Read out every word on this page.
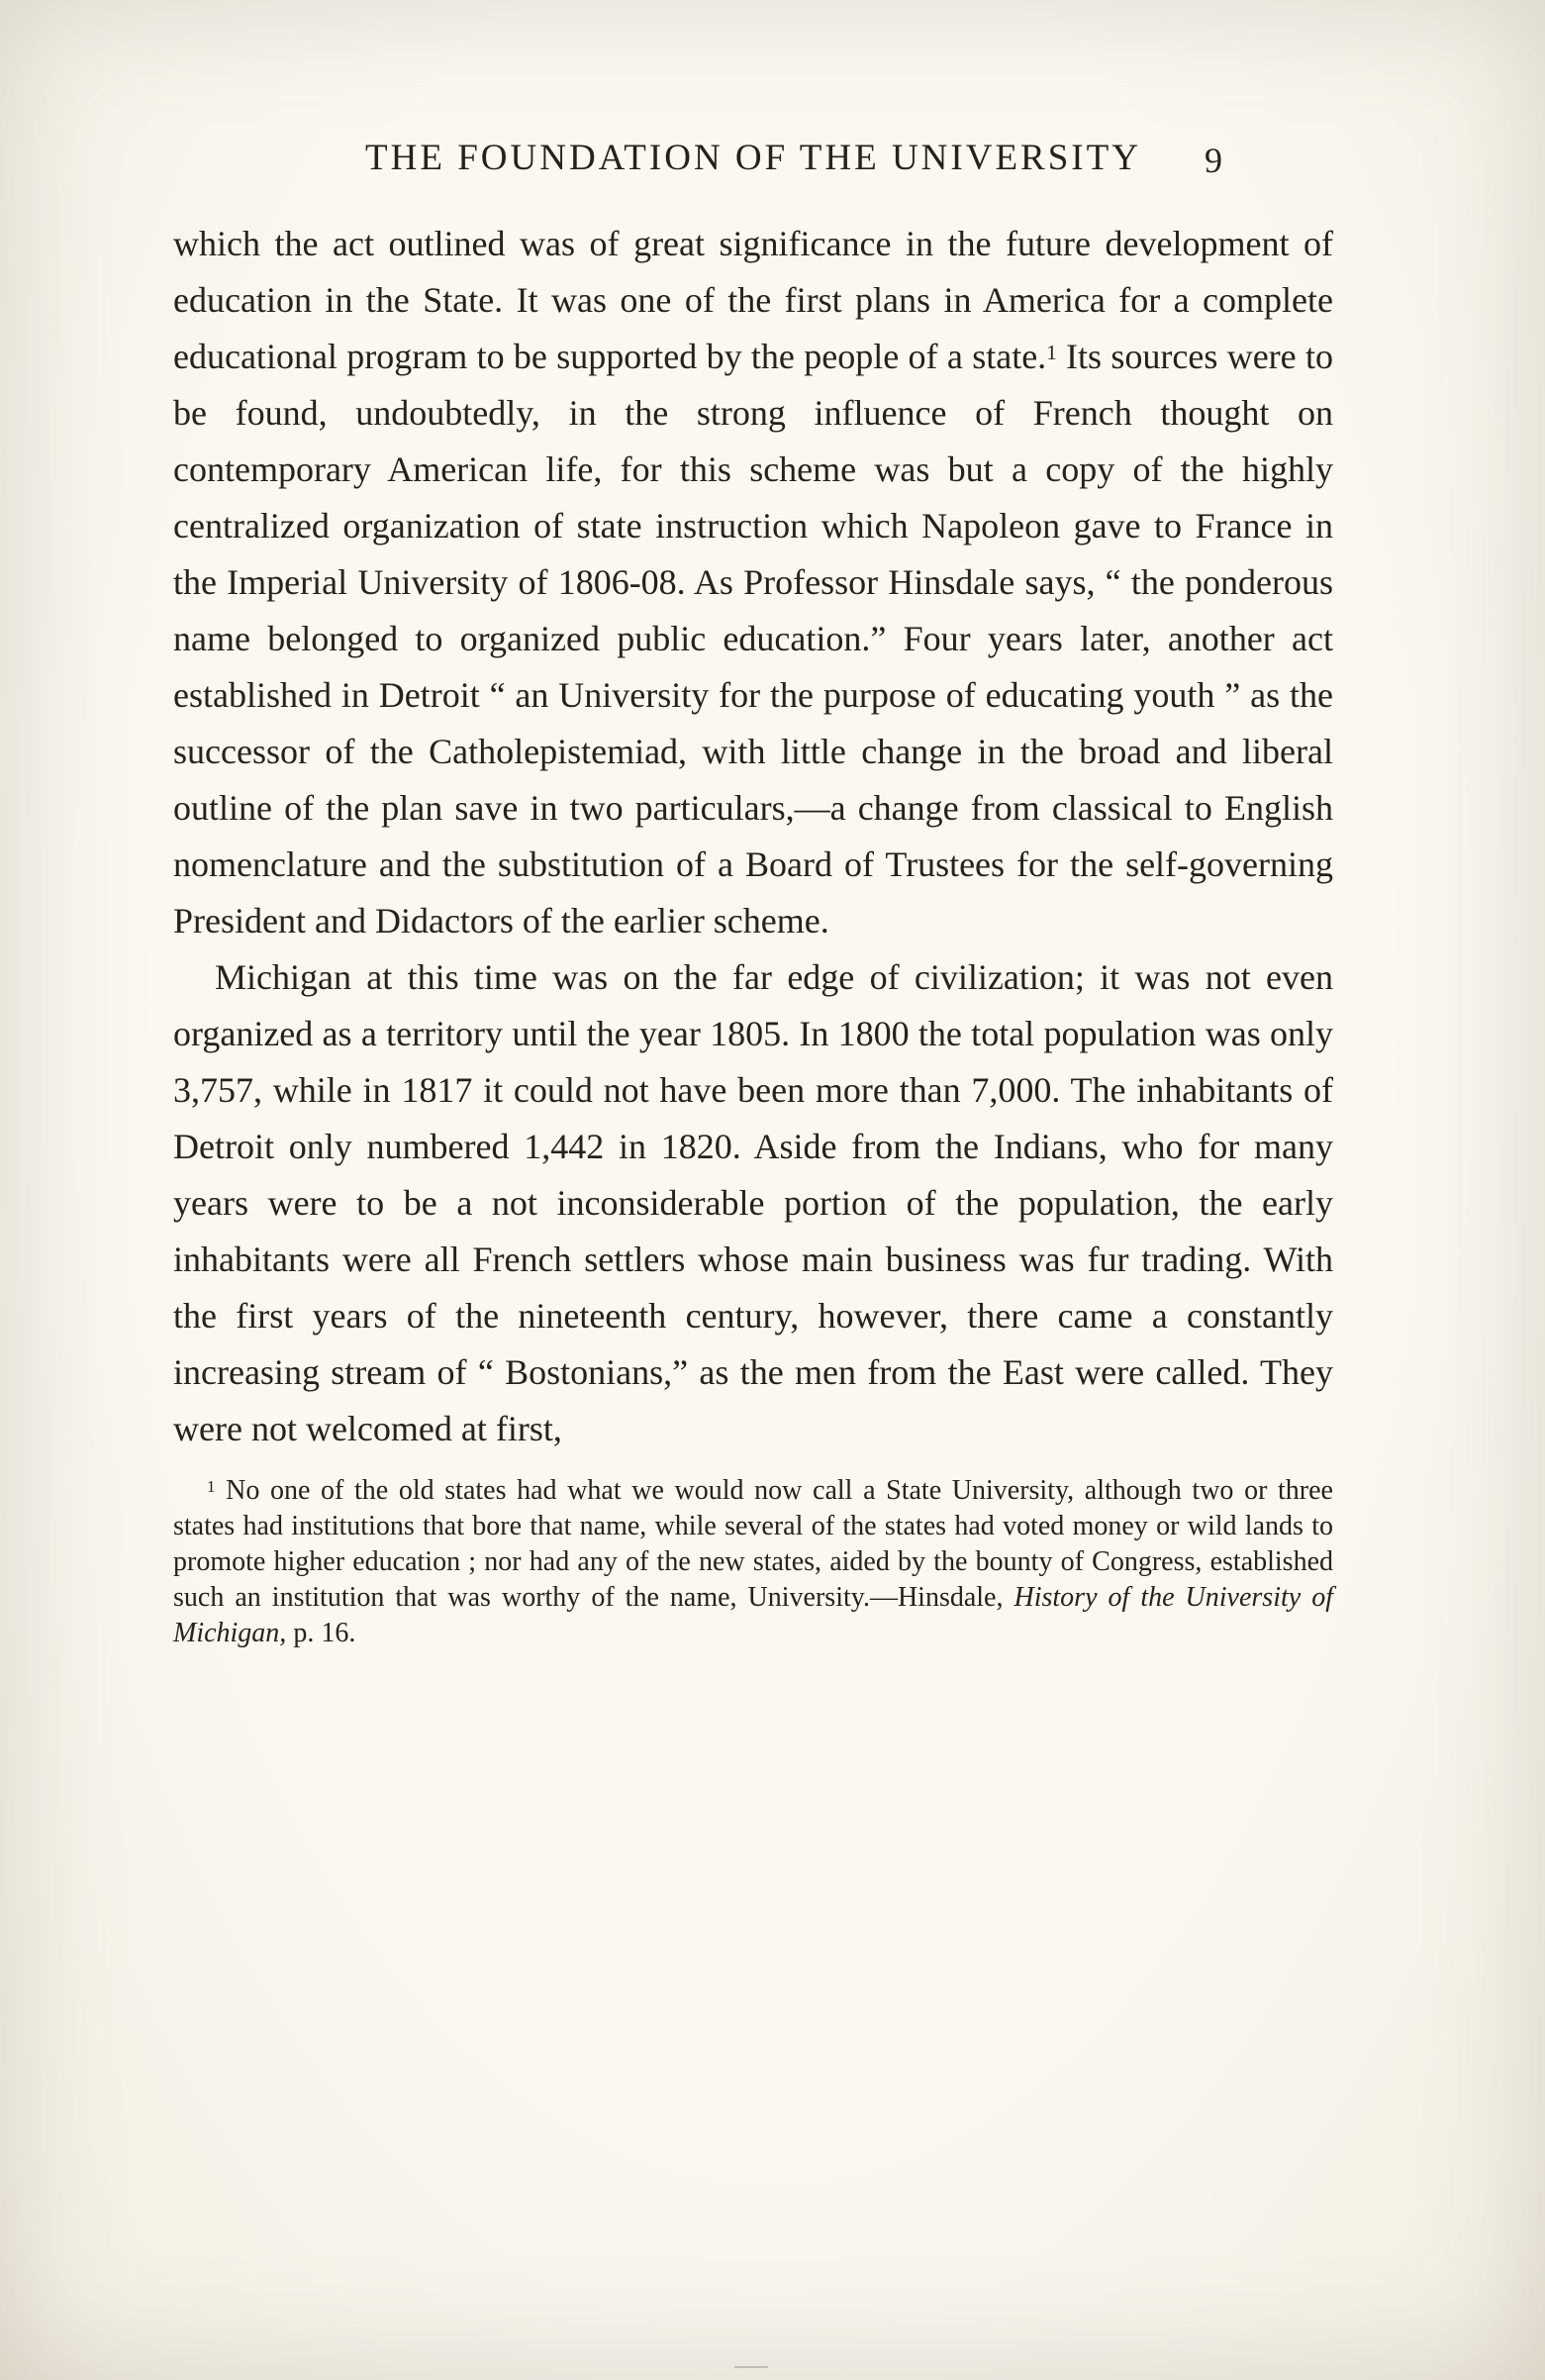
THE FOUNDATION OF THE UNIVERSITY 9

which the act outlined was of great significance in the future development of education in the State. It was one of the first plans in America for a complete educational program to be supported by the people of a state.$^1$ Its sources were to be found, undoubtedly, in the strong influence of French thought on contemporary American life, for this scheme was but a copy of the highly centralized organization of state instruction which Napoleon gave to France in the Imperial University of 1806-08. As Professor Hinsdale says, “ the ponderous name belonged to organized public education.” Four years later, another act established in Detroit “ an University for the purpose of educating youth ” as the successor of the Catholepistemiad, with little change in the broad and liberal outline of the plan save in two particulars,—a change from classical to English nomenclature and the substitution of a Board of Trustees for the self-governing President and Didactors of the earlier scheme.

Michigan at this time was on the far edge of civilization; it was not even organized as a territory until the year 1805. In 1800 the total population was only 3,757, while in 1817 it could not have been more than 7,000. The inhabitants of Detroit only numbered 1,442 in 1820. Aside from the Indians, who for many years were to be a not inconsiderable portion of the population, the early inhabitants were all French settlers whose main business was fur trading. With the first years of the nineteenth century, however, there came a constantly increasing stream of “ Bostonians,” as the men from the East were called. They were not welcomed at first,

$^1$ No one of the old states had what we would now call a State University, although two or three states had institutions that bore that name, while several of the states had voted money or wild lands to promote higher education ; nor had any of the new states, aided by the bounty of Congress, established such an institution that was worthy of the name, University.—Hinsdale, History of the University of Michigan, p. 16.
